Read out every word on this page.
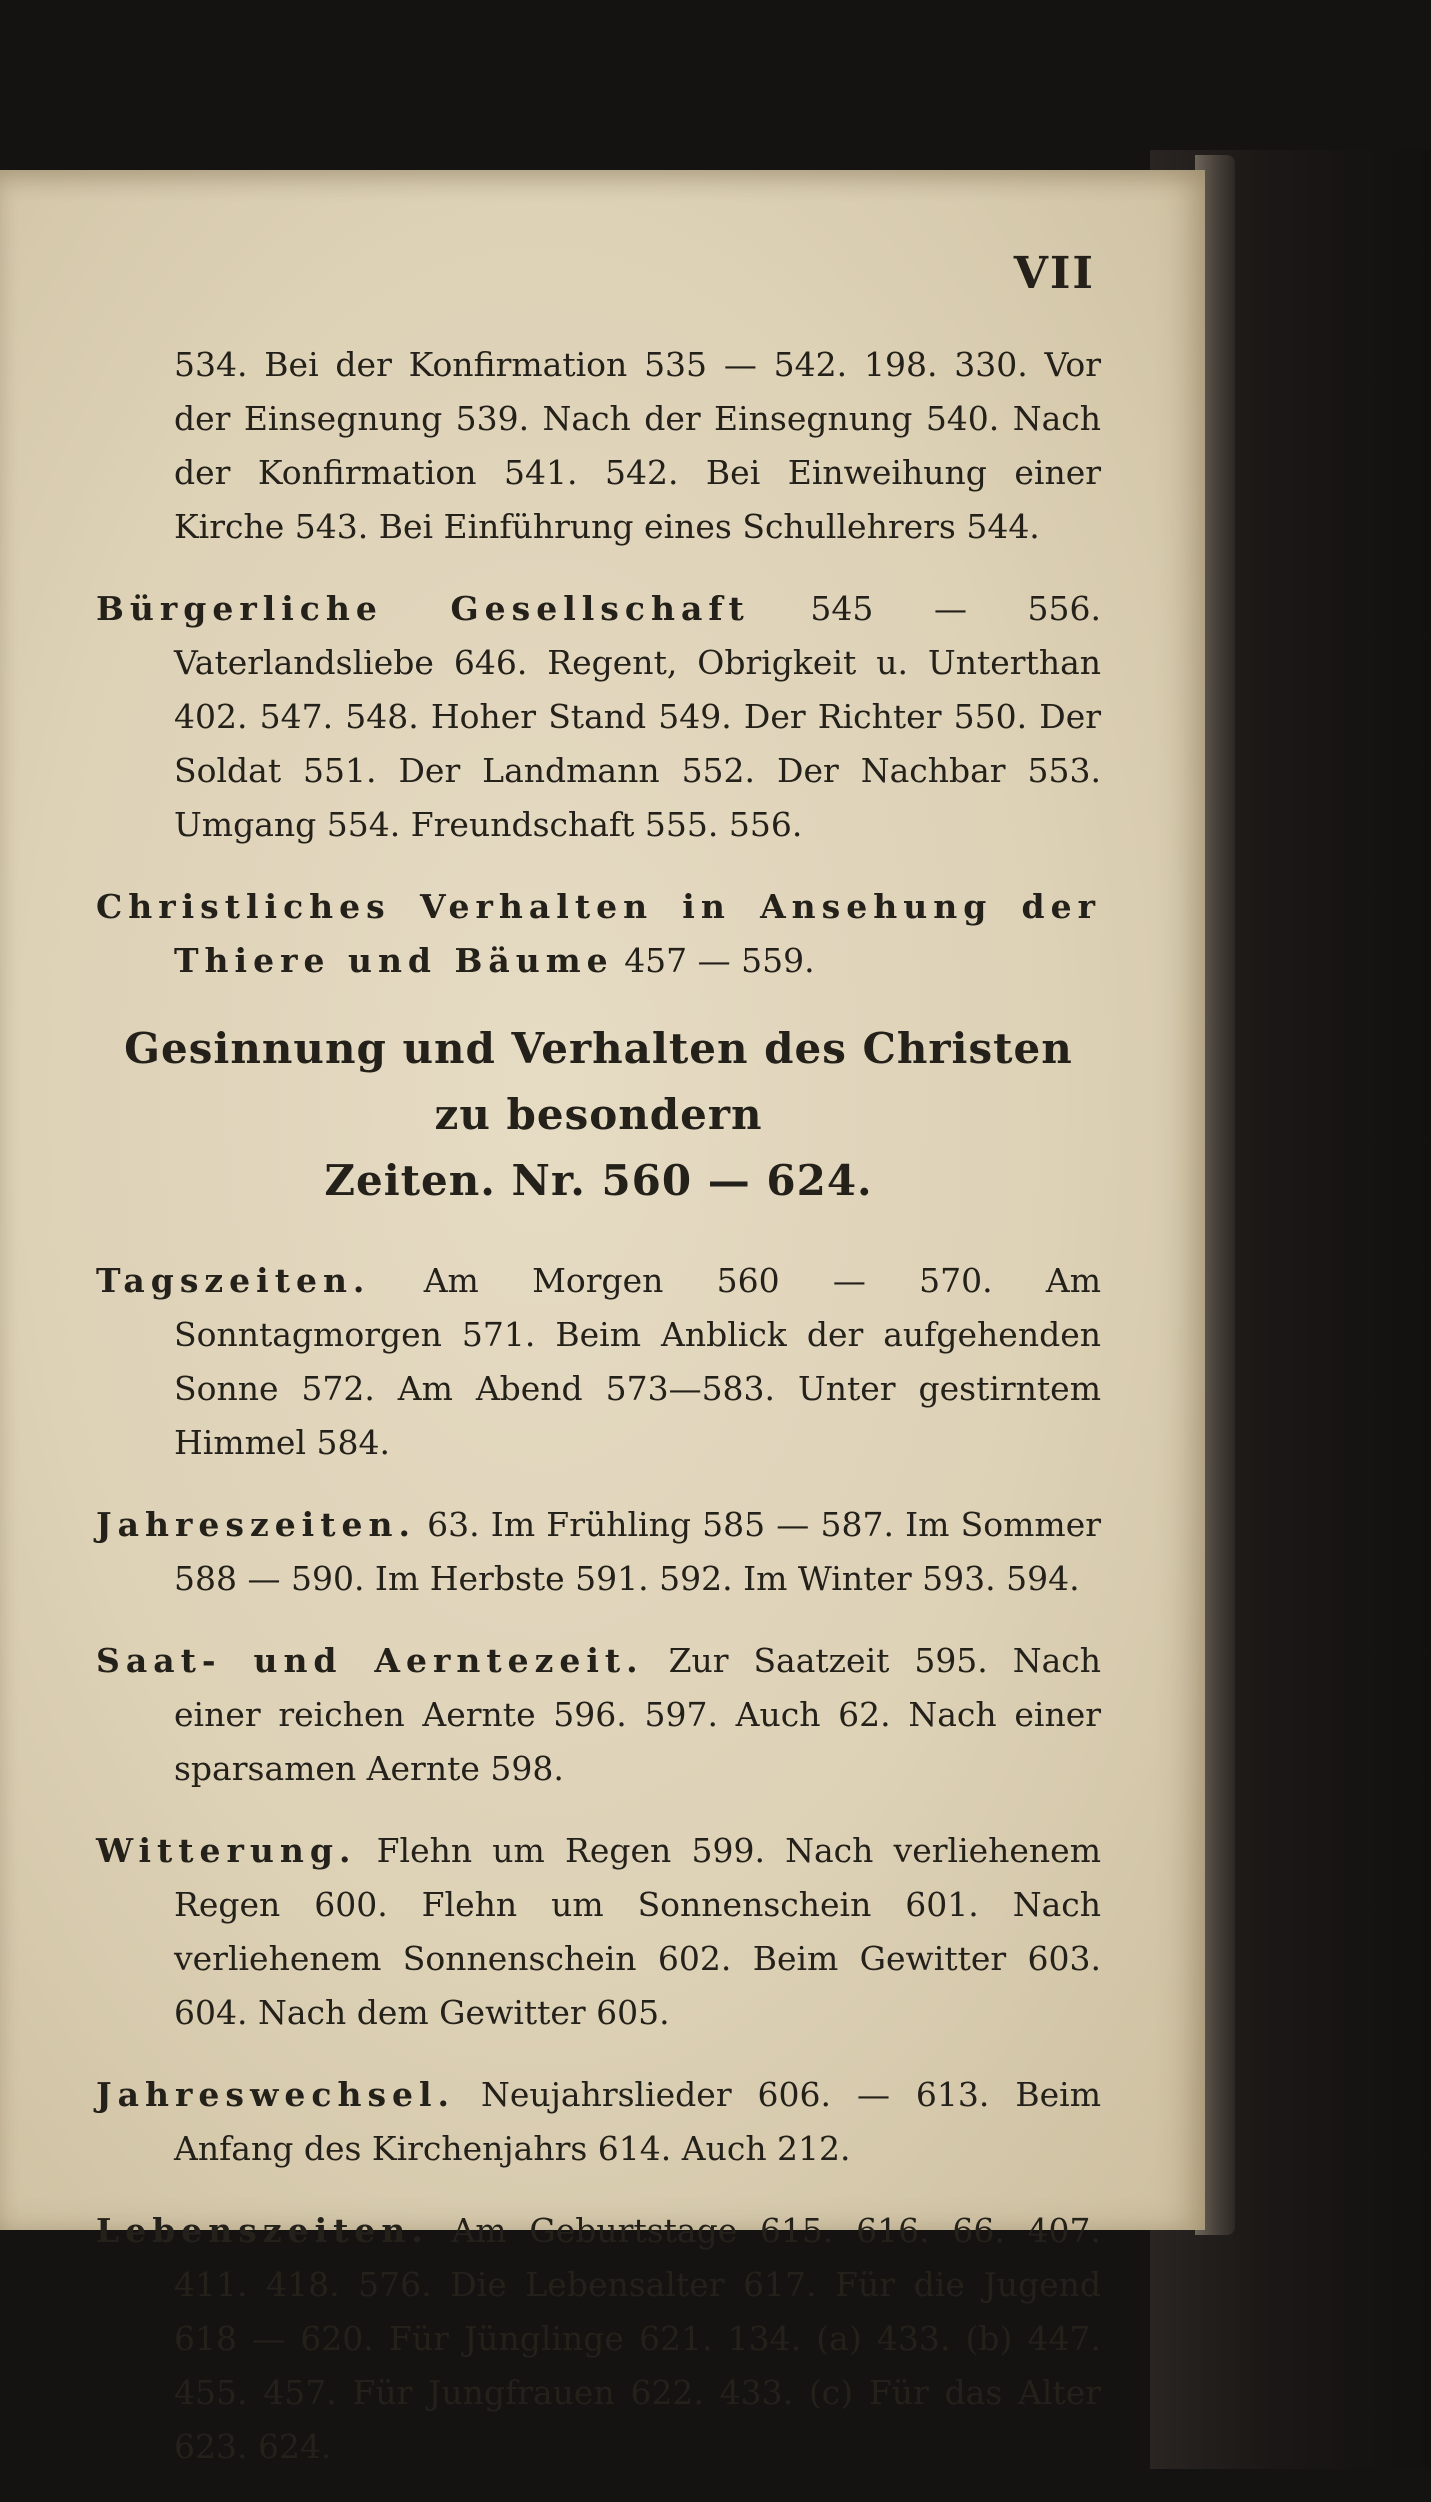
VII

534. Bei der Konfirmation 535 — 542. 198. 330. Vor der Einsegnung 539. Nach der Einsegnung 540. Nach der Konfirmation 541. 542. Bei Einweihung einer Kirche 543. Bei Einführung eines Schullehrers 544.

Bürgerliche Gesellschaft 545 — 556. Vaterlandsliebe 646. Regent, Obrigkeit u. Unterthan 402. 547. 548. Hoher Stand 549. Der Richter 550. Der Soldat 551. Der Landmann 552. Der Nachbar 553. Umgang 554. Freundschaft 555. 556.

Christliches Verhalten in Ansehung der Thiere und Bäume 457 — 559.

Gesinnung und Verhalten des Christen zu besondern
Zeiten. Nr. 560 — 624.

Tagszeiten. Am Morgen 560 — 570. Am Sonntagmorgen 571. Beim Anblick der aufgehenden Sonne 572. Am Abend 573—583. Unter gestirntem Himmel 584.

Jahreszeiten. 63. Im Frühling 585 — 587. Im Sommer 588 — 590. Im Herbste 591. 592. Im Winter 593. 594.

Saat- und Aerntezeit. Zur Saatzeit 595. Nach einer reichen Aernte 596. 597. Auch 62. Nach einer sparsamen Aernte 598.

Witterung. Flehn um Regen 599. Nach verliehenem Regen 600. Flehn um Sonnenschein 601. Nach verliehenem Sonnenschein 602. Beim Gewitter 603. 604. Nach dem Gewitter 605.

Jahreswechsel. Neujahrslieder 606. — 613. Beim Anfang des Kirchenjahrs 614. Auch 212.

Lebenszeiten. Am Geburtstage 615. 616. 66. 407. 411. 418. 576. Die Lebensalter 617. Für die Jugend 618 — 620. Für Jünglinge 621. 134. (a) 433. (b) 447. 455. 457. Für Jungfrauen 622. 433. (c) Für das Alter 623. 624.
